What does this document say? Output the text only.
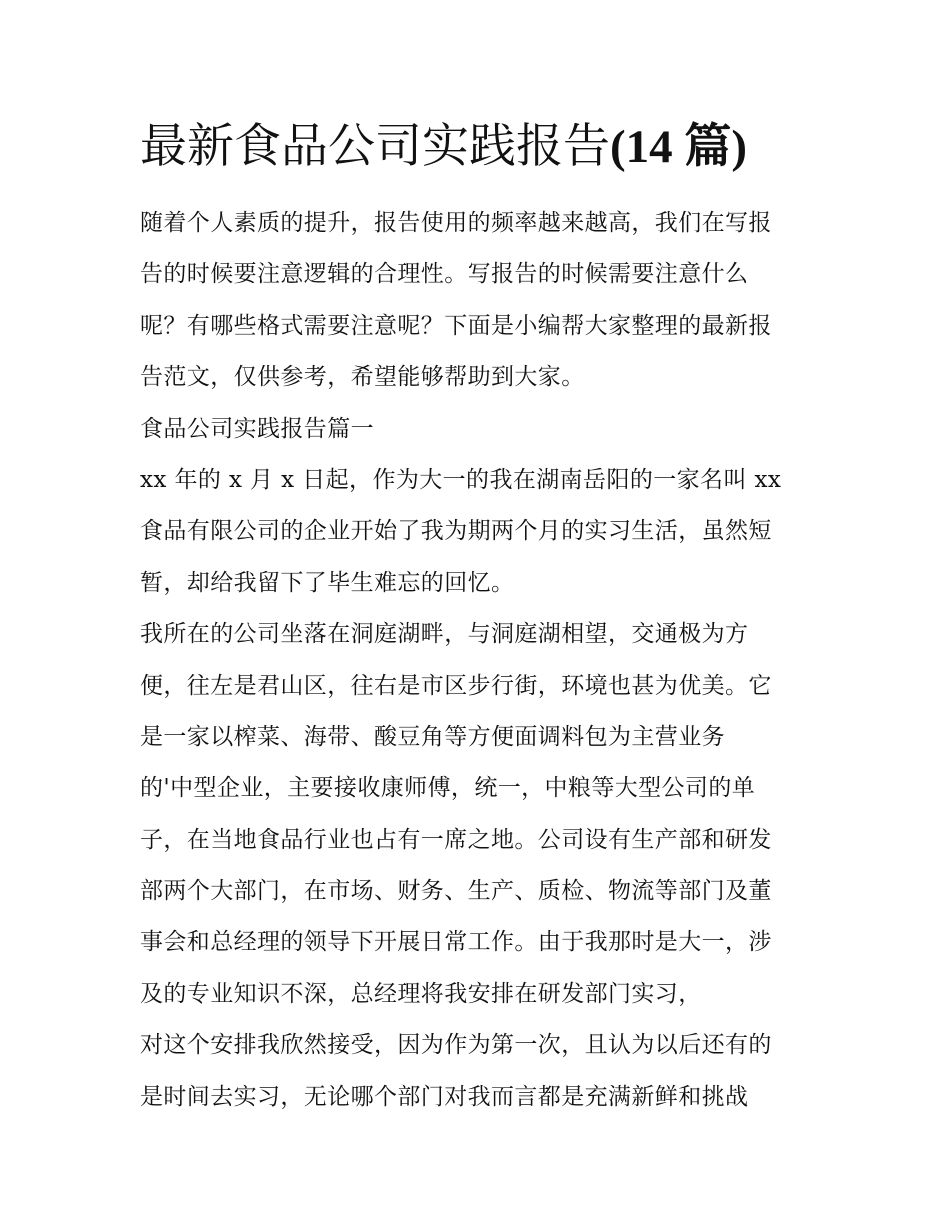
最新食品公司实践报告(14 篇)
随着个人素质的提升，报告使用的频率越来越高，我们在写报
告的时候要注意逻辑的合理性。写报告的时候需要注意什么
呢？有哪些格式需要注意呢？下面是小编帮大家整理的最新报
告范文，仅供参考，希望能够帮助到大家。
食品公司实践报告篇一
xx 年的 x 月 x 日起，作为大一的我在湖南岳阳的一家名叫 xx
食品有限公司的企业开始了我为期两个月的实习生活，虽然短
暂，却给我留下了毕生难忘的回忆。
我所在的公司坐落在洞庭湖畔，与洞庭湖相望，交通极为方
便，往左是君山区，往右是市区步行街，环境也甚为优美。它
是一家以榨菜、海带、酸豆角等方便面调料包为主营业务
的'中型企业，主要接收康师傅，统一，中粮等大型公司的单
子，在当地食品行业也占有一席之地。公司设有生产部和研发
部两个大部门，在市场、财务、生产、质检、物流等部门及董
事会和总经理的领导下开展日常工作。由于我那时是大一，涉
及的专业知识不深，总经理将我安排在研发部门实习，
对这个安排我欣然接受，因为作为第一次，且认为以后还有的
是时间去实习，无论哪个部门对我而言都是充满新鲜和挑战
